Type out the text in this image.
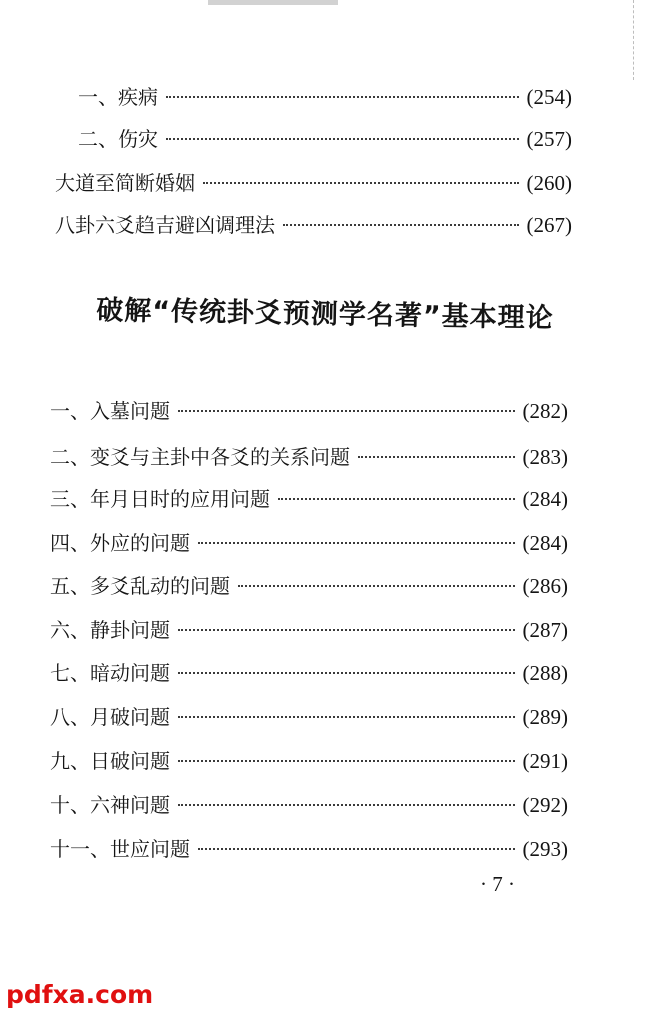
一、疾病	(254)
二、伤灾	(257)
大道至简断婚姻	(260)
八卦六爻趋吉避凶调理法	(267)
破解“传统卦爻预测学名著”基本理论
一、入墓问题	(282)
二、变爻与主卦中各爻的关系问题	(283)
三、年月日时的应用问题	(284)
四、外应的问题	(284)
五、多爻乱动的问题	(286)
六、静卦问题	(287)
七、暗动问题	(288)
八、月破问题	(289)
九、日破问题	(291)
十、六神问题	(292)
十一、世应问题	(293)
· 7 ·
pdfxa.com
